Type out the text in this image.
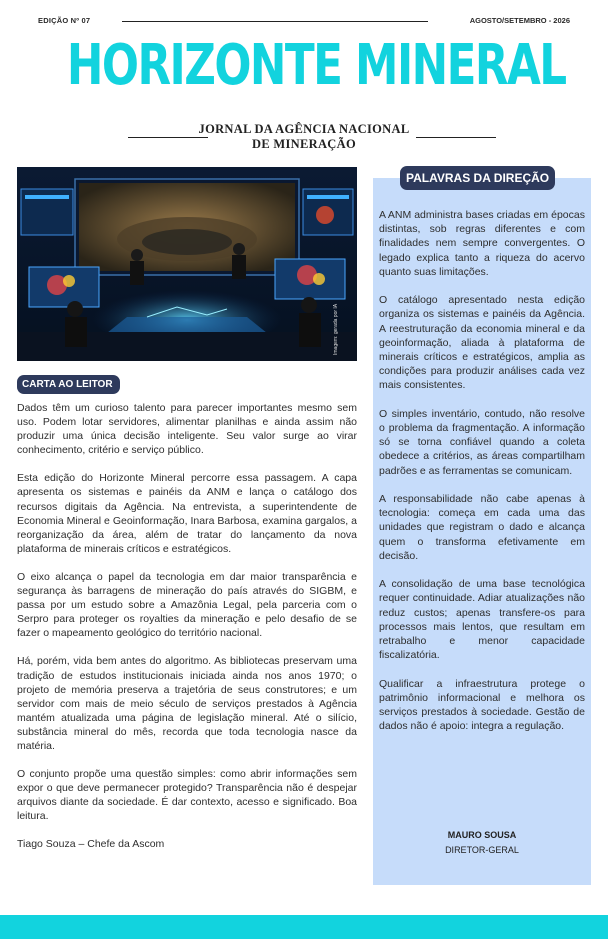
EDIÇÃO Nº 07	AGOSTO/SETEMBRO - 2026
HORIZONTE MINERAL
JORNAL DA AGÊNCIA NACIONAL
DE MINERAÇÃO
Imagem: gerada por IA
CARTA AO LEITOR

Dados têm um curioso talento para parecer importantes mesmo sem uso. Podem lotar servidores, alimentar planilhas e ainda assim não produzir uma única decisão inteligente. Seu valor surge ao virar conhecimento, critério e serviço público.

Esta edição do Horizonte Mineral percorre essa passagem. A capa apresenta os sistemas e painéis da ANM e lança o catálogo dos recursos digitais da Agência. Na entrevista, a superintendente de Economia Mineral e Geoinformação, Inara Barbosa, examina gargalos, a reorganização da área, além de tratar do lançamento da nova plataforma de minerais críticos e estratégicos.

O eixo alcança o papel da tecnologia em dar maior transparência e segurança às barragens de mineração do país através do SIGBM, e passa por um estudo sobre a Amazônia Legal, pela parceria com o Serpro para proteger os royalties da mineração e pelo desafio de se fazer o mapeamento geológico do território nacional.

Há, porém, vida bem antes do algoritmo. As bibliotecas preservam uma tradição de estudos institucionais iniciada ainda nos anos 1970; o projeto de memória preserva a trajetória de seus construtores; e um servidor com mais de meio século de serviços prestados à Agência mantém atualizada uma página de legislação mineral. Até o silício, substância mineral do mês, recorda que toda tecnologia nasce da matéria.

O conjunto propõe uma questão simples: como abrir informações sem expor o que deve permanecer protegido? Transparência não é despejar arquivos diante da sociedade. É dar contexto, acesso e significado. Boa leitura.

Tiago Souza – Chefe da Ascom

PALAVRAS DA DIREÇÃO

A ANM administra bases criadas em épocas distintas, sob regras diferentes e com finalidades nem sempre convergentes. O legado explica tanto a riqueza do acervo quanto suas limitações.

O catálogo apresentado nesta edição organiza os sistemas e painéis da Agência. A reestruturação da economia mineral e da geoinformação, aliada à plataforma de minerais críticos e estratégicos, amplia as condições para produzir análises cada vez mais consistentes.

O simples inventário, contudo, não resolve o problema da fragmentação. A informação só se torna confiável quando a coleta obedece a critérios, as áreas compartilham padrões e as ferramentas se comunicam.

A responsabilidade não cabe apenas à tecnologia: começa em cada uma das unidades que registram o dado e alcança quem o transforma efetivamente em decisão.

A consolidação de uma base tecnológica requer continuidade. Adiar atualizações não reduz custos; apenas transfere-os para processos mais lentos, que resultam em retrabalho e menor capacidade fiscalizatória.

Qualificar a infraestrutura protege o patrimônio informacional e melhora os serviços prestados à sociedade. Gestão de dados não é apoio: integra a regulação.

MAURO SOUSA
DIRETOR-GERAL
